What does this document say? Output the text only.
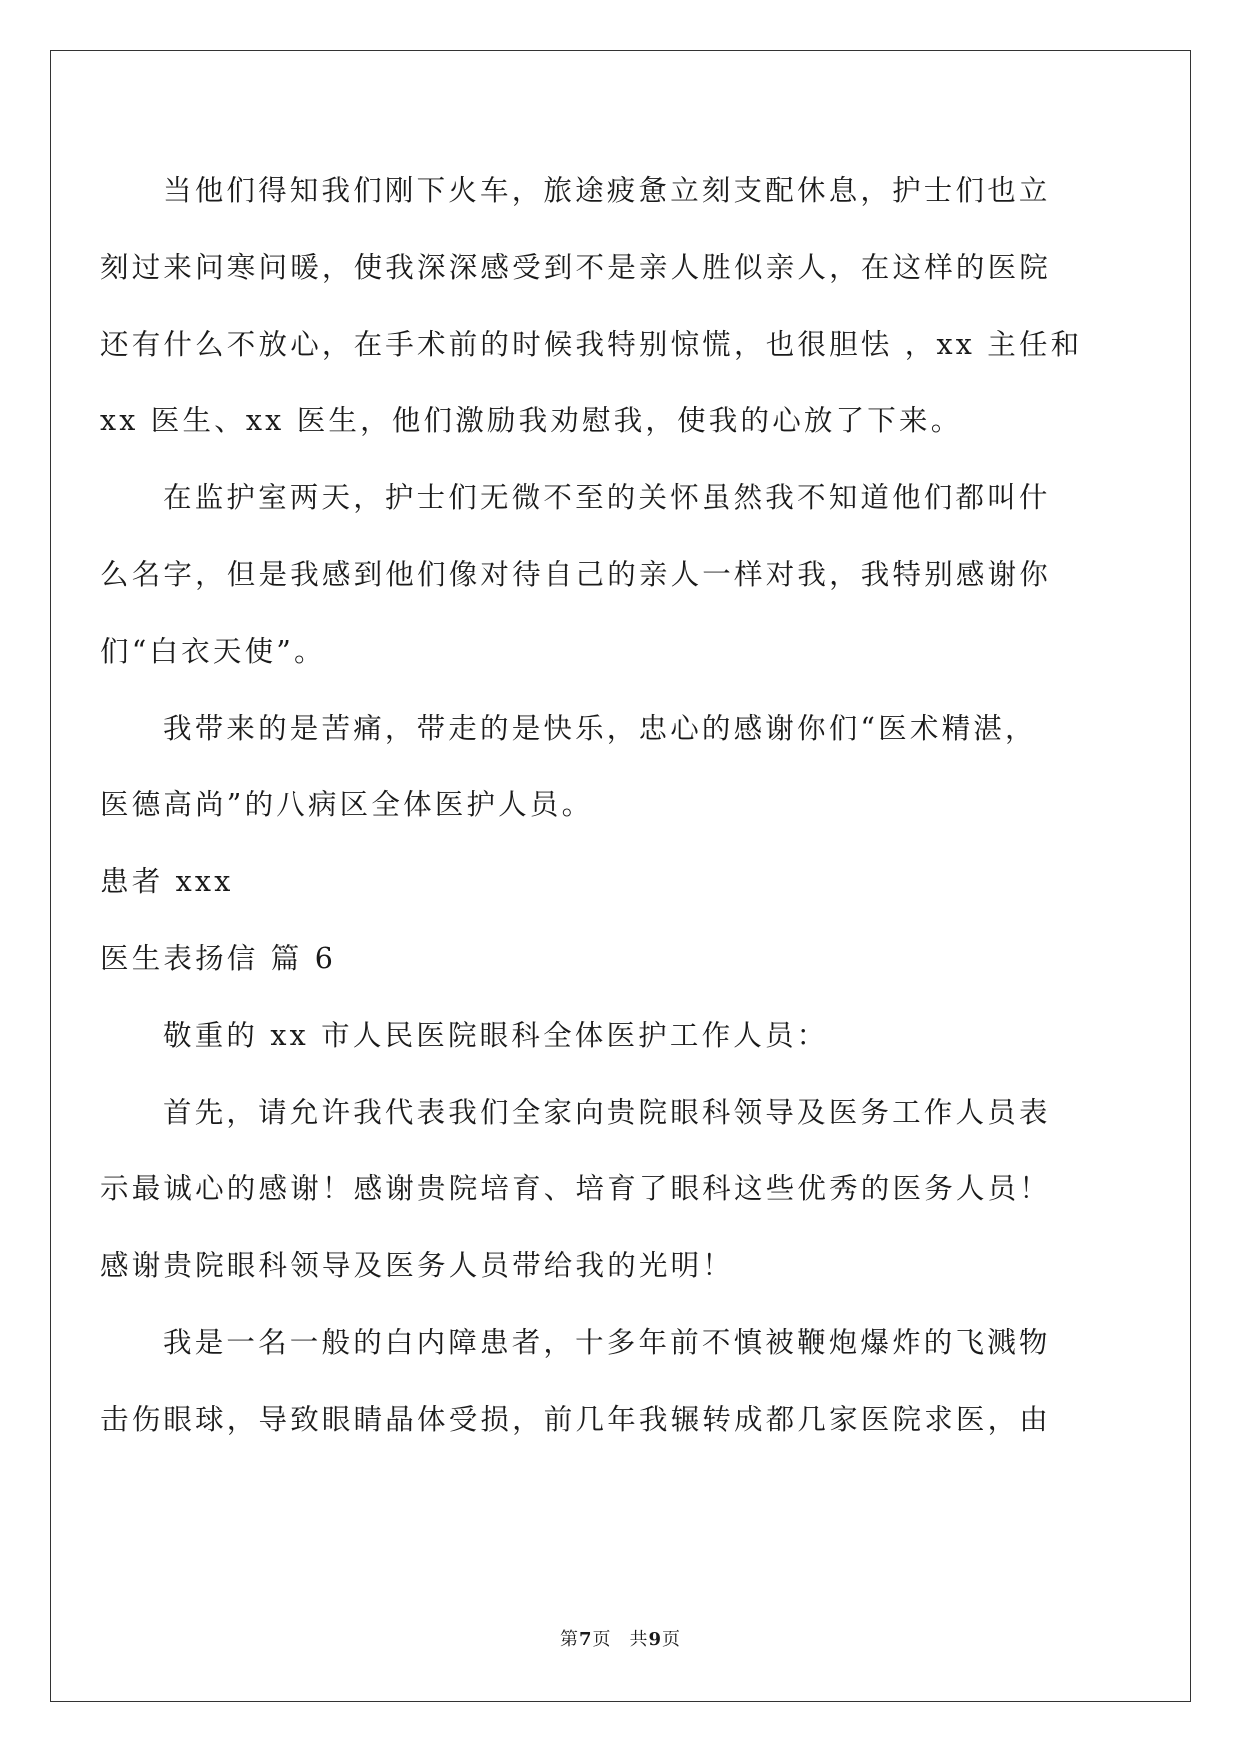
当他们得知我们刚下火车，旅途疲惫立刻支配休息，护士们也立
刻过来问寒问暖，使我深深感受到不是亲人胜似亲人，在这样的医院
还有什么不放心，在手术前的时候我特别惊慌，也很胆怯 ，xx 主任和
xx 医生、xx 医生，他们激励我劝慰我，使我的心放了下来。
在监护室两天，护士们无微不至的关怀虽然我不知道他们都叫什
么名字，但是我感到他们像对待自己的亲人一样对我，我特别感谢你
们“白衣天使”。
我带来的是苦痛，带走的是快乐，忠心的感谢你们“医术精湛，
医德高尚”的八病区全体医护人员。
患者 xxx
医生表扬信 篇 6
敬重的 xx 市人民医院眼科全体医护工作人员：
首先，请允许我代表我们全家向贵院眼科领导及医务工作人员表
示最诚心的感谢！感谢贵院培育、培育了眼科这些优秀的医务人员！
感谢贵院眼科领导及医务人员带给我的光明！
我是一名一般的白内障患者，十多年前不慎被鞭炮爆炸的飞溅物
击伤眼球，导致眼睛晶体受损，前几年我辗转成都几家医院求医，由
第7页 共9页
